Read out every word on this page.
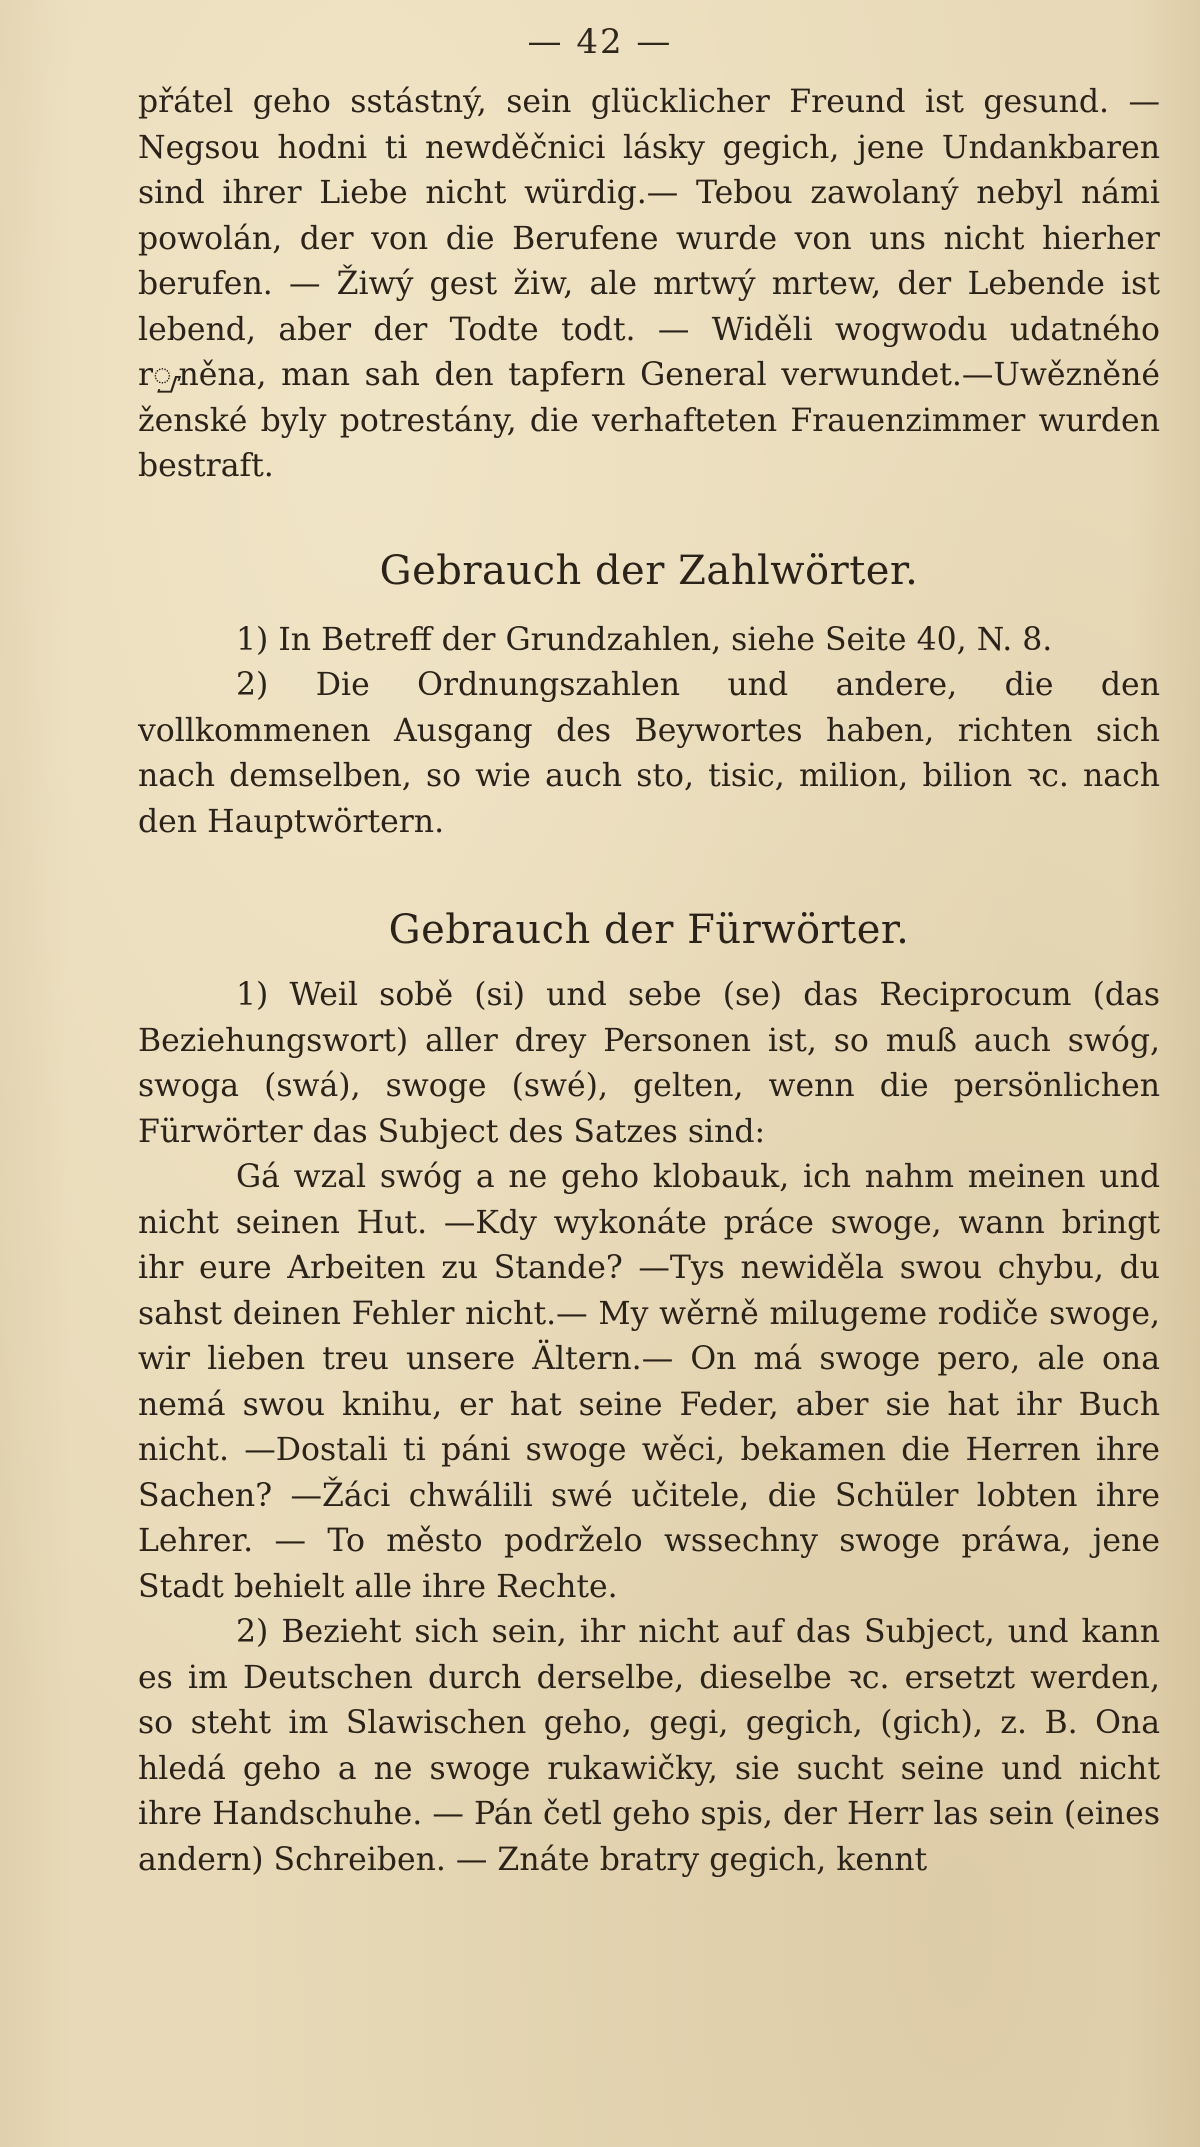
— 42 —

přátel geho sstástný, sein glücklicher Freund ist gesund. —Negsou hodni ti newděčnici lásky gegich, jene Undankbaren sind ihrer Liebe nicht würdig.— Tebou zawolaný nebyl námi powolán, der von die Berufene wurde von uns nicht hierher berufen. — Žiwý gest žiw, ale mrtwý mrtew, der Lebende ist lebend, aber der Todte todt. — Widěli wogwodu udatného rᮡněna, man sah den tapfern General verwundet.—Uwězněné ženské byly potrestány, die verhafteten Frauenzimmer wurden bestraft.

Gebrauch der Zahlwörter.

1) In Betreff der Grundzahlen, siehe Seite 40, N. 8.

2) Die Ordnungszahlen und andere, die den vollkommenen Ausgang des Beywortes haben, richten sich nach demselben, so wie auch sto, tisic, milion, bilion ꝛc. nach den Hauptwörtern.

Gebrauch der Fürwörter.

1) Weil sobě (si) und sebe (se) das Reciprocum (das Beziehungswort) aller drey Personen ist, so muß auch swóg, swoga (swá), swoge (swé), gelten, wenn die persönlichen Fürwörter das Subject des Satzes sind:

Gá wzal swóg a ne geho klobauk, ich nahm meinen und nicht seinen Hut. —Kdy wykonáte práce swoge, wann bringt ihr eure Arbeiten zu Stande? —Tys newiděla swou chybu, du sahst deinen Fehler nicht.— My wěrně milugeme rodiče swoge, wir lieben treu unsere Ältern.— On má swoge pero, ale ona nemá swou knihu, er hat seine Feder, aber sie hat ihr Buch nicht. —Dostali ti páni swoge wěci, bekamen die Herren ihre Sachen? —Žáci chwálili swé učitele, die Schüler lobten ihre Lehrer. — To město podrželo wssechny swoge práwa, jene Stadt behielt alle ihre Rechte.

2) Bezieht sich sein, ihr nicht auf das Subject, und kann es im Deutschen durch derselbe, dieselbe ꝛc. ersetzt werden, so steht im Slawischen geho, gegi, gegich, (gich), z. B. Ona hledá geho a ne swoge rukawičky, sie sucht seine und nicht ihre Handschuhe. — Pán četl geho spis, der Herr las sein (eines andern) Schreiben. — Znáte bratry gegich, kennt
